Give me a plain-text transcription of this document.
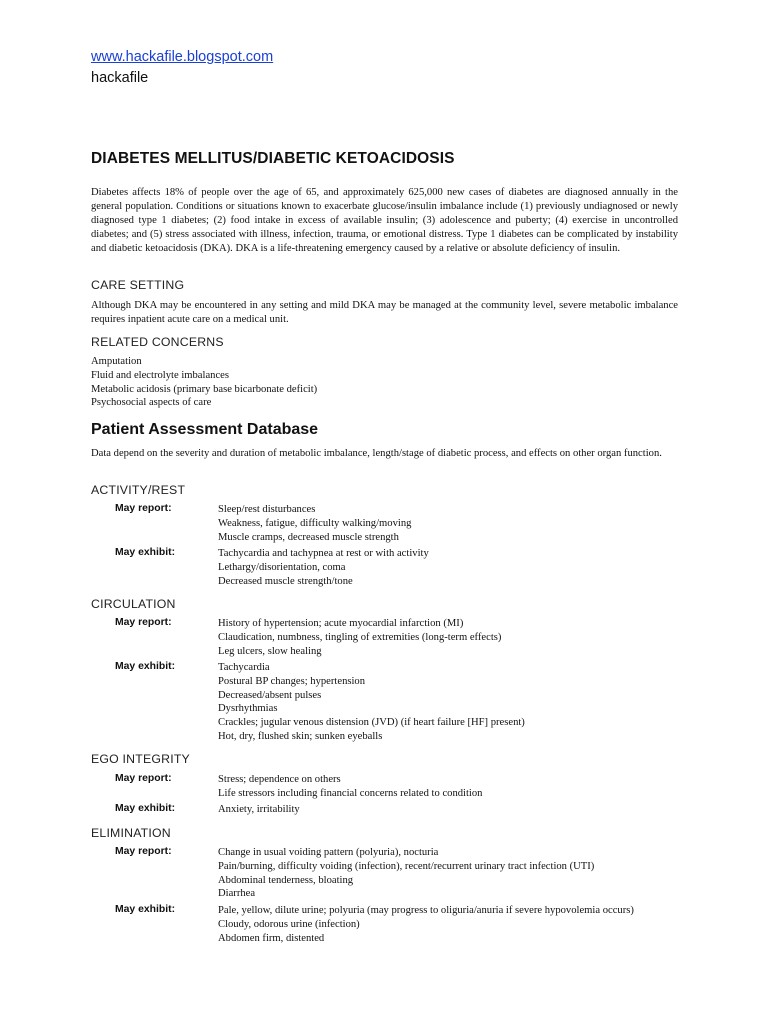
www.hackafile.blogspot.com
hackafile
DIABETES MELLITUS/DIABETIC KETOACIDOSIS
Diabetes affects 18% of people over the age of 65, and approximately 625,000 new cases of diabetes are diagnosed annually in the general population. Conditions or situations known to exacerbate glucose/insulin imbalance include (1) previously undiagnosed or newly diagnosed type 1 diabetes; (2) food intake in excess of available insulin; (3) adolescence and puberty; (4) exercise in uncontrolled diabetes; and (5) stress associated with illness, infection, trauma, or emotional distress. Type 1 diabetes can be complicated by instability and diabetic ketoacidosis (DKA). DKA is a life-threatening emergency caused by a relative or absolute deficiency of insulin.
CARE SETTING
Although DKA may be encountered in any setting and mild DKA may be managed at the community level, severe metabolic imbalance requires inpatient acute care on a medical unit.
RELATED CONCERNS
Amputation
Fluid and electrolyte imbalances
Metabolic acidosis (primary base bicarbonate deficit)
Psychosocial aspects of care
Patient Assessment Database
Data depend on the severity and duration of metabolic imbalance, length/stage of diabetic process, and effects on other organ function.
ACTIVITY/REST
May report:	Sleep/rest disturbances
Weakness, fatigue, difficulty walking/moving
Muscle cramps, decreased muscle strength
May exhibit:	Tachycardia and tachypnea at rest or with activity
Lethargy/disorientation, coma
Decreased muscle strength/tone
CIRCULATION
May report:	History of hypertension; acute myocardial infarction (MI)
Claudication, numbness, tingling of extremities (long-term effects)
Leg ulcers, slow healing
May exhibit:	Tachycardia
Postural BP changes; hypertension
Decreased/absent pulses
Dysrhythmias
Crackles; jugular venous distension (JVD) (if heart failure [HF] present)
Hot, dry, flushed skin; sunken eyeballs
EGO INTEGRITY
May report:	Stress; dependence on others
Life stressors including financial concerns related to condition
May exhibit:	Anxiety, irritability
ELIMINATION
May report:	Change in usual voiding pattern (polyuria), nocturia
Pain/burning, difficulty voiding (infection), recent/recurrent urinary tract infection (UTI)
Abdominal tenderness, bloating
Diarrhea
May exhibit:	Pale, yellow, dilute urine; polyuria (may progress to oliguria/anuria if severe hypovolemia occurs)
Cloudy, odorous urine (infection)
Abdomen firm, distented
